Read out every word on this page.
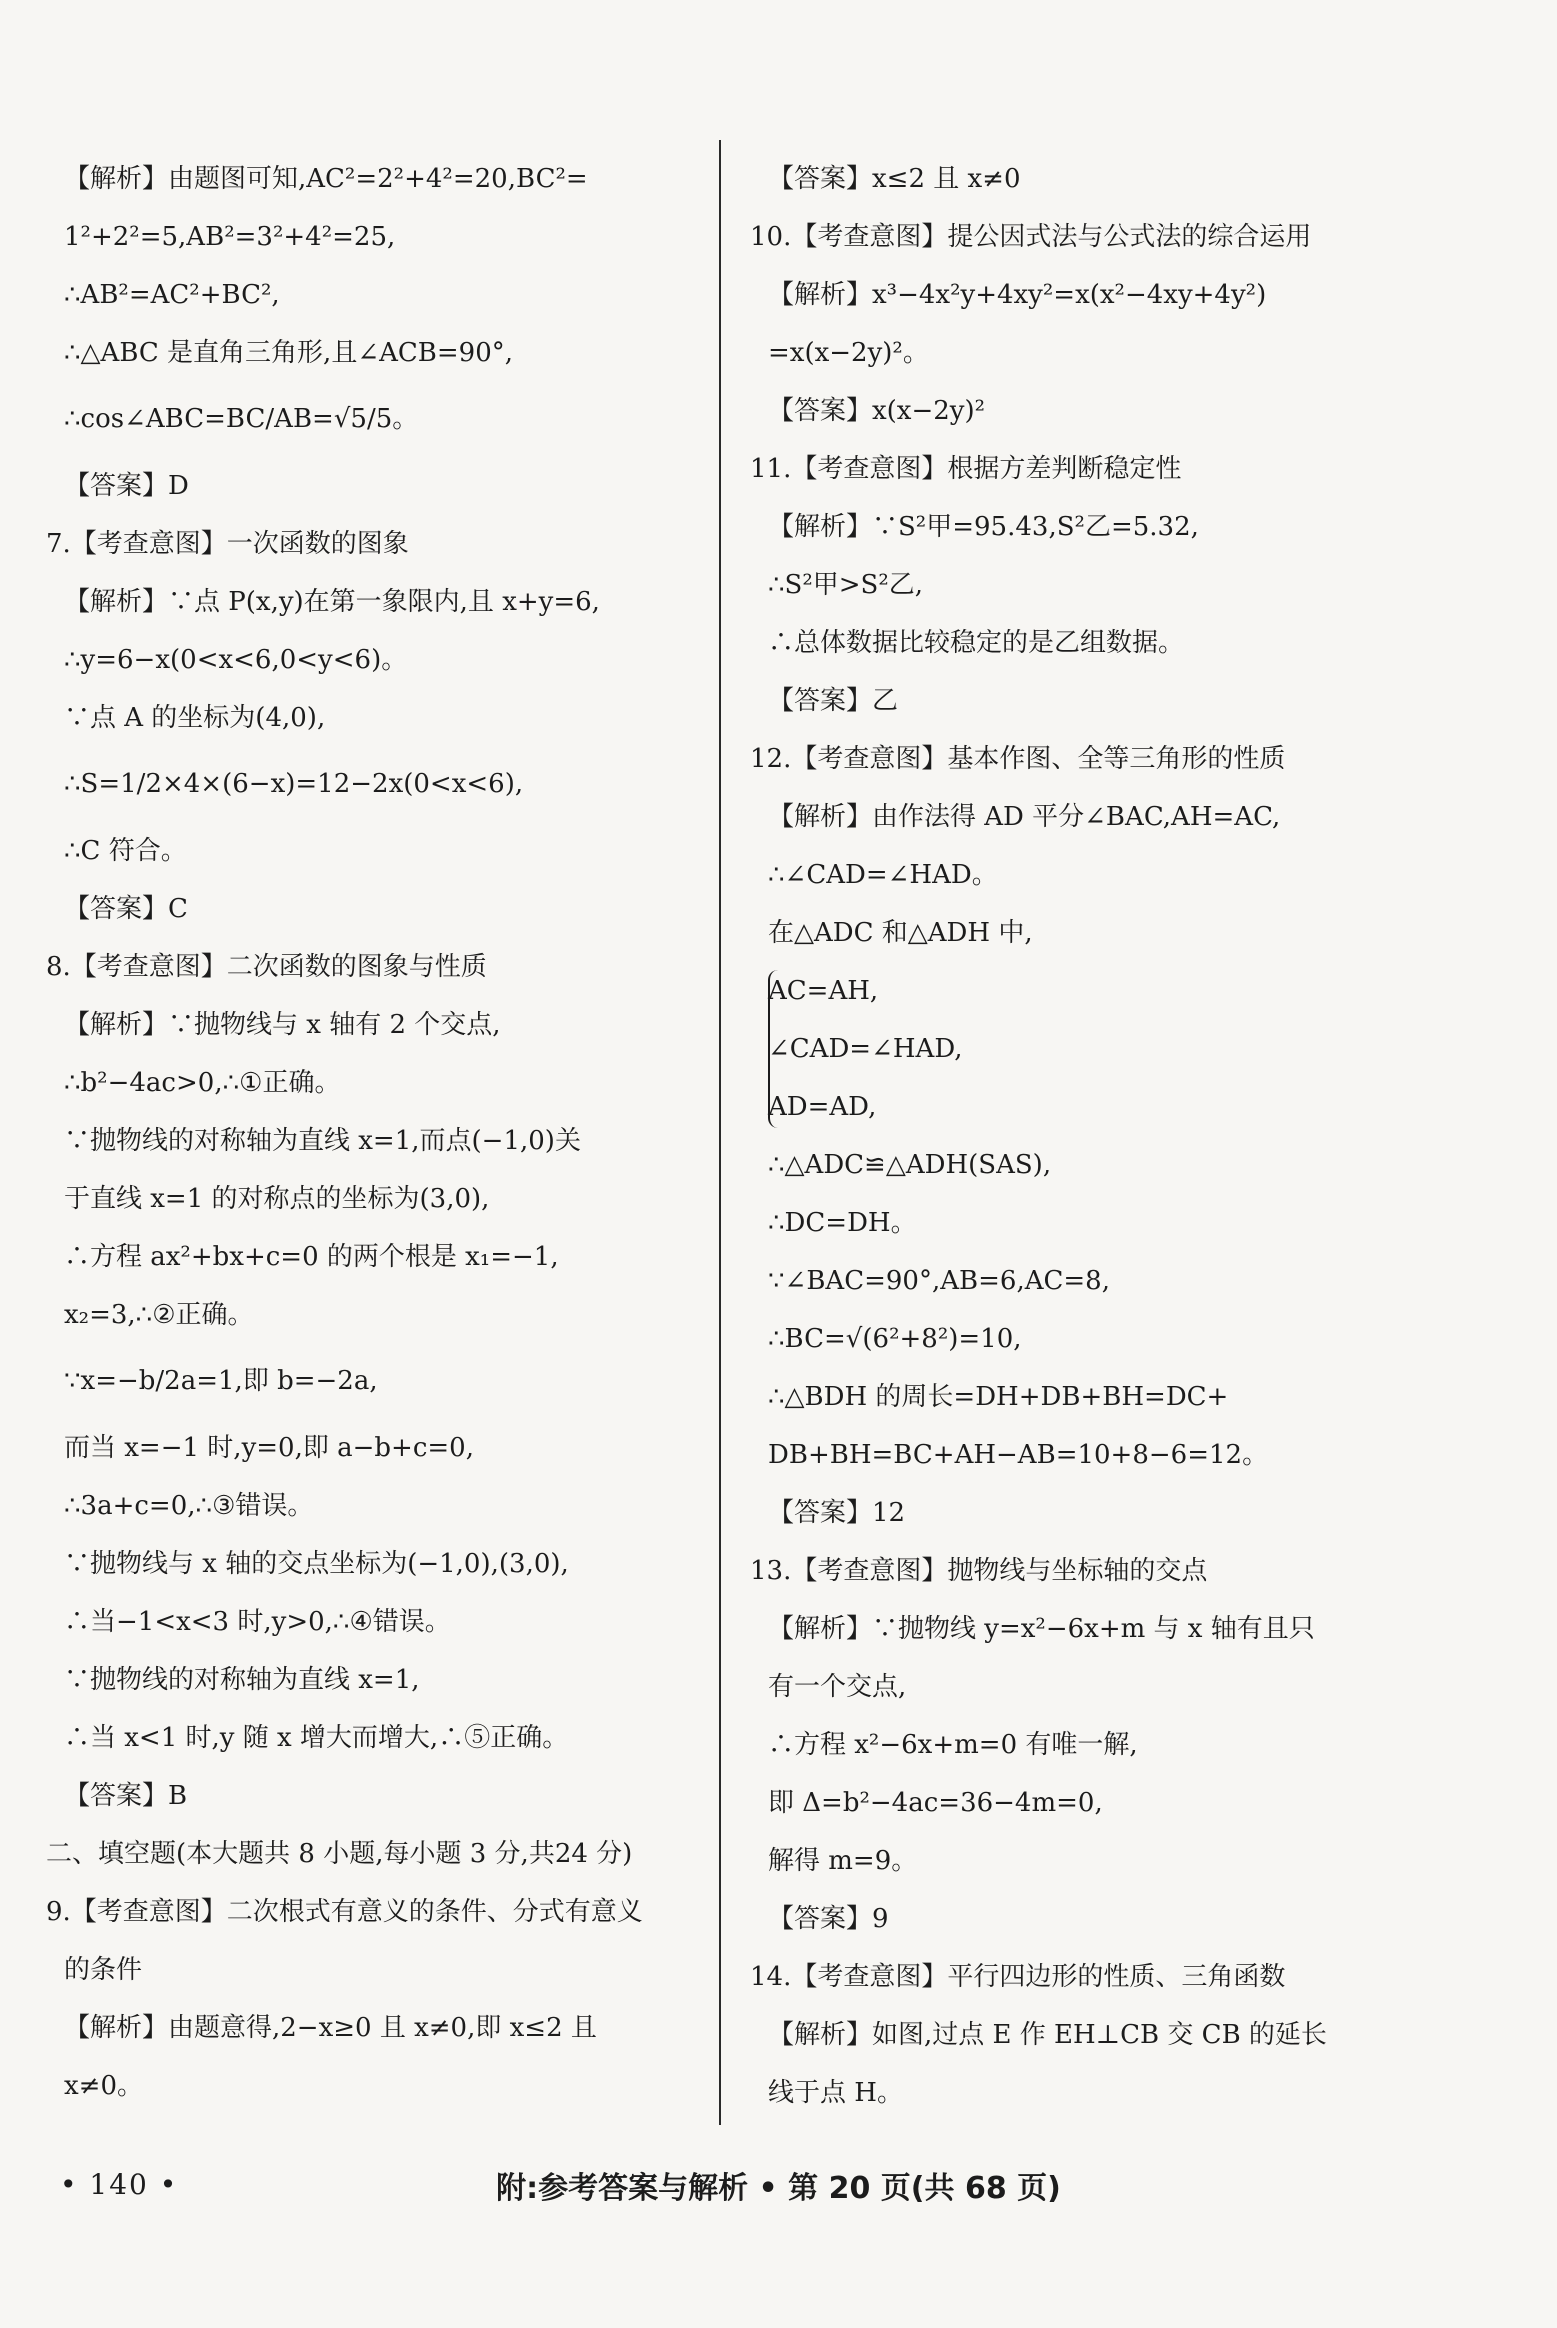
【解析】由题图可知,AC²=2²+4²=20,BC²=
1²+2²=5,AB²=3²+4²=25,
∴AB²=AC²+BC²,
∴△ABC 是直角三角形,且∠ACB=90°,
∴cos∠ABC=BC/AB=√5/5。
【答案】D
7.【考查意图】一次函数的图象
【解析】∵点 P(x,y)在第一象限内,且 x+y=6,
∴y=6−x(0<x<6,0<y<6)。
∵点 A 的坐标为(4,0),
∴S=1/2×4×(6−x)=12−2x(0<x<6),
∴C 符合。
【答案】C
8.【考查意图】二次函数的图象与性质
【解析】∵抛物线与 x 轴有 2 个交点,
∴b²−4ac>0,∴①正确。
∵抛物线的对称轴为直线 x=1,而点(−1,0)关
于直线 x=1 的对称点的坐标为(3,0),
∴方程 ax²+bx+c=0 的两个根是 x₁=−1,
x₂=3,∴②正确。
∵x=−b/2a=1,即 b=−2a,
而当 x=−1 时,y=0,即 a−b+c=0,
∴3a+c=0,∴③错误。
∵抛物线与 x 轴的交点坐标为(−1,0),(3,0),
∴当−1<x<3 时,y>0,∴④错误。
∵抛物线的对称轴为直线 x=1,
∴当 x<1 时,y 随 x 增大而增大,∴⑤正确。
【答案】B
二、填空题(本大题共 8 小题,每小题 3 分,共24 分)
9.【考查意图】二次根式有意义的条件、分式有意义
的条件
【解析】由题意得,2−x≥0 且 x≠0,即 x≤2 且
x≠0。
【答案】x≤2 且 x≠0
10.【考查意图】提公因式法与公式法的综合运用
【解析】x³−4x²y+4xy²=x(x²−4xy+4y²)
=x(x−2y)²。
【答案】x(x−2y)²
11.【考查意图】根据方差判断稳定性
【解析】∵S²甲=95.43,S²乙=5.32,
∴S²甲>S²乙,
∴总体数据比较稳定的是乙组数据。
【答案】乙
12.【考查意图】基本作图、全等三角形的性质
【解析】由作法得 AD 平分∠BAC,AH=AC,
∴∠CAD=∠HAD。
在△ADC 和△ADH 中,
AC=AH,
∠CAD=∠HAD,
AD=AD,
∴△ADC≌△ADH(SAS),
∴DC=DH。
∵∠BAC=90°,AB=6,AC=8,
∴BC=√(6²+8²)=10,
∴△BDH 的周长=DH+DB+BH=DC+
DB+BH=BC+AH−AB=10+8−6=12。
【答案】12
13.【考查意图】抛物线与坐标轴的交点
【解析】∵抛物线 y=x²−6x+m 与 x 轴有且只
有一个交点,
∴方程 x²−6x+m=0 有唯一解,
即 Δ=b²−4ac=36−4m=0,
解得 m=9。
【答案】9
14.【考查意图】平行四边形的性质、三角函数
【解析】如图,过点 E 作 EH⊥CB 交 CB 的延长
线于点 H。
• 140 •	附:参考答案与解析 • 第 20 页(共 68 页)
